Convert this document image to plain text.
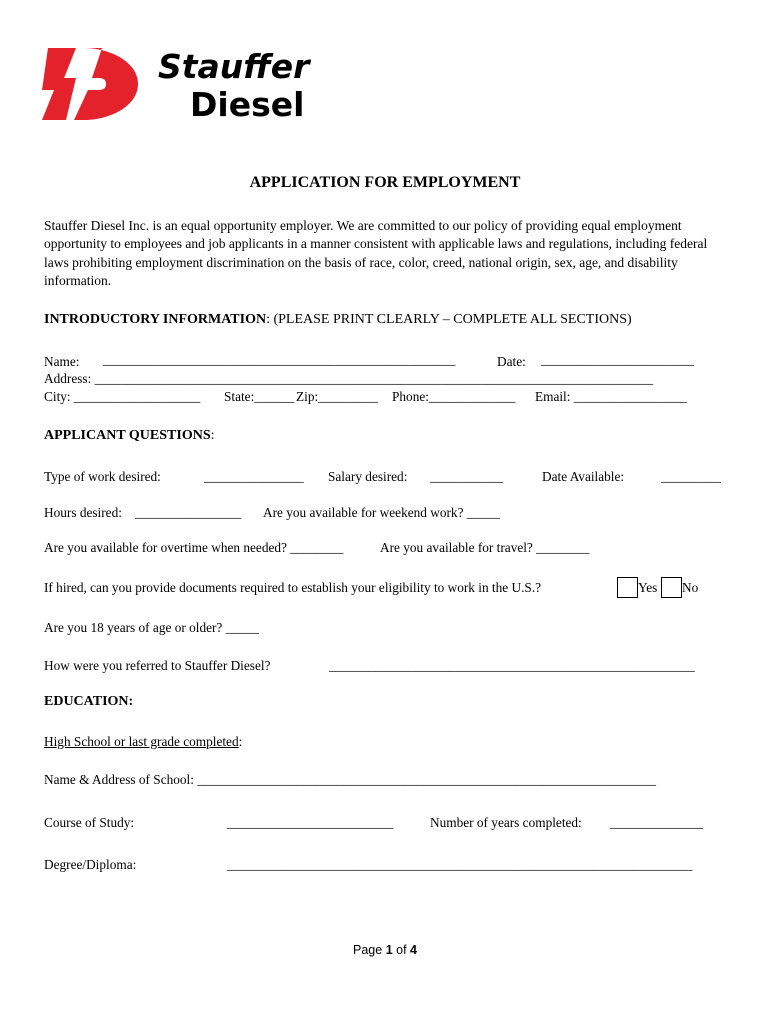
Stauffer
Diesel
APPLICATION FOR EMPLOYMENT
Stauffer Diesel Inc. is an equal opportunity employer. We are committed to our policy of providing equal employment opportunity to employees and job applicants in a manner consistent with applicable laws and regulations, including federal laws prohibiting employment discrimination on the basis of race, color, creed, national origin, sex, age, and disability information.
INTRODUCTORY INFORMATION: (PLEASE PRINT CLEARLY – COMPLETE ALL SECTIONS)
Name: _____________________________________________________	Date: _______________________
Address: ____________________________________________________________________________________
City: ___________________ State:______ Zip:_________ Phone:_____________ Email: _________________
APPLICANT QUESTIONS:
Type of work desired:	_______________ Salary desired: ___________	Date Available:	_________
Hours desired: ________________ Are you available for weekend work? _____
Are you available for overtime when needed? ________	Are you available for travel? ________
If hired, can you provide documents required to establish your eligibility to work in the U.S.?	Yes No
Are you 18 years of age or older? _____
How were you referred to Stauffer Diesel?	_______________________________________________________
EDUCATION:
High School or last grade completed:
Name & Address of School: _____________________________________________________________________
Course of Study:	_________________________	Number of years completed: ______________
Degree/Diploma:	______________________________________________________________________
Page 1 of 4
